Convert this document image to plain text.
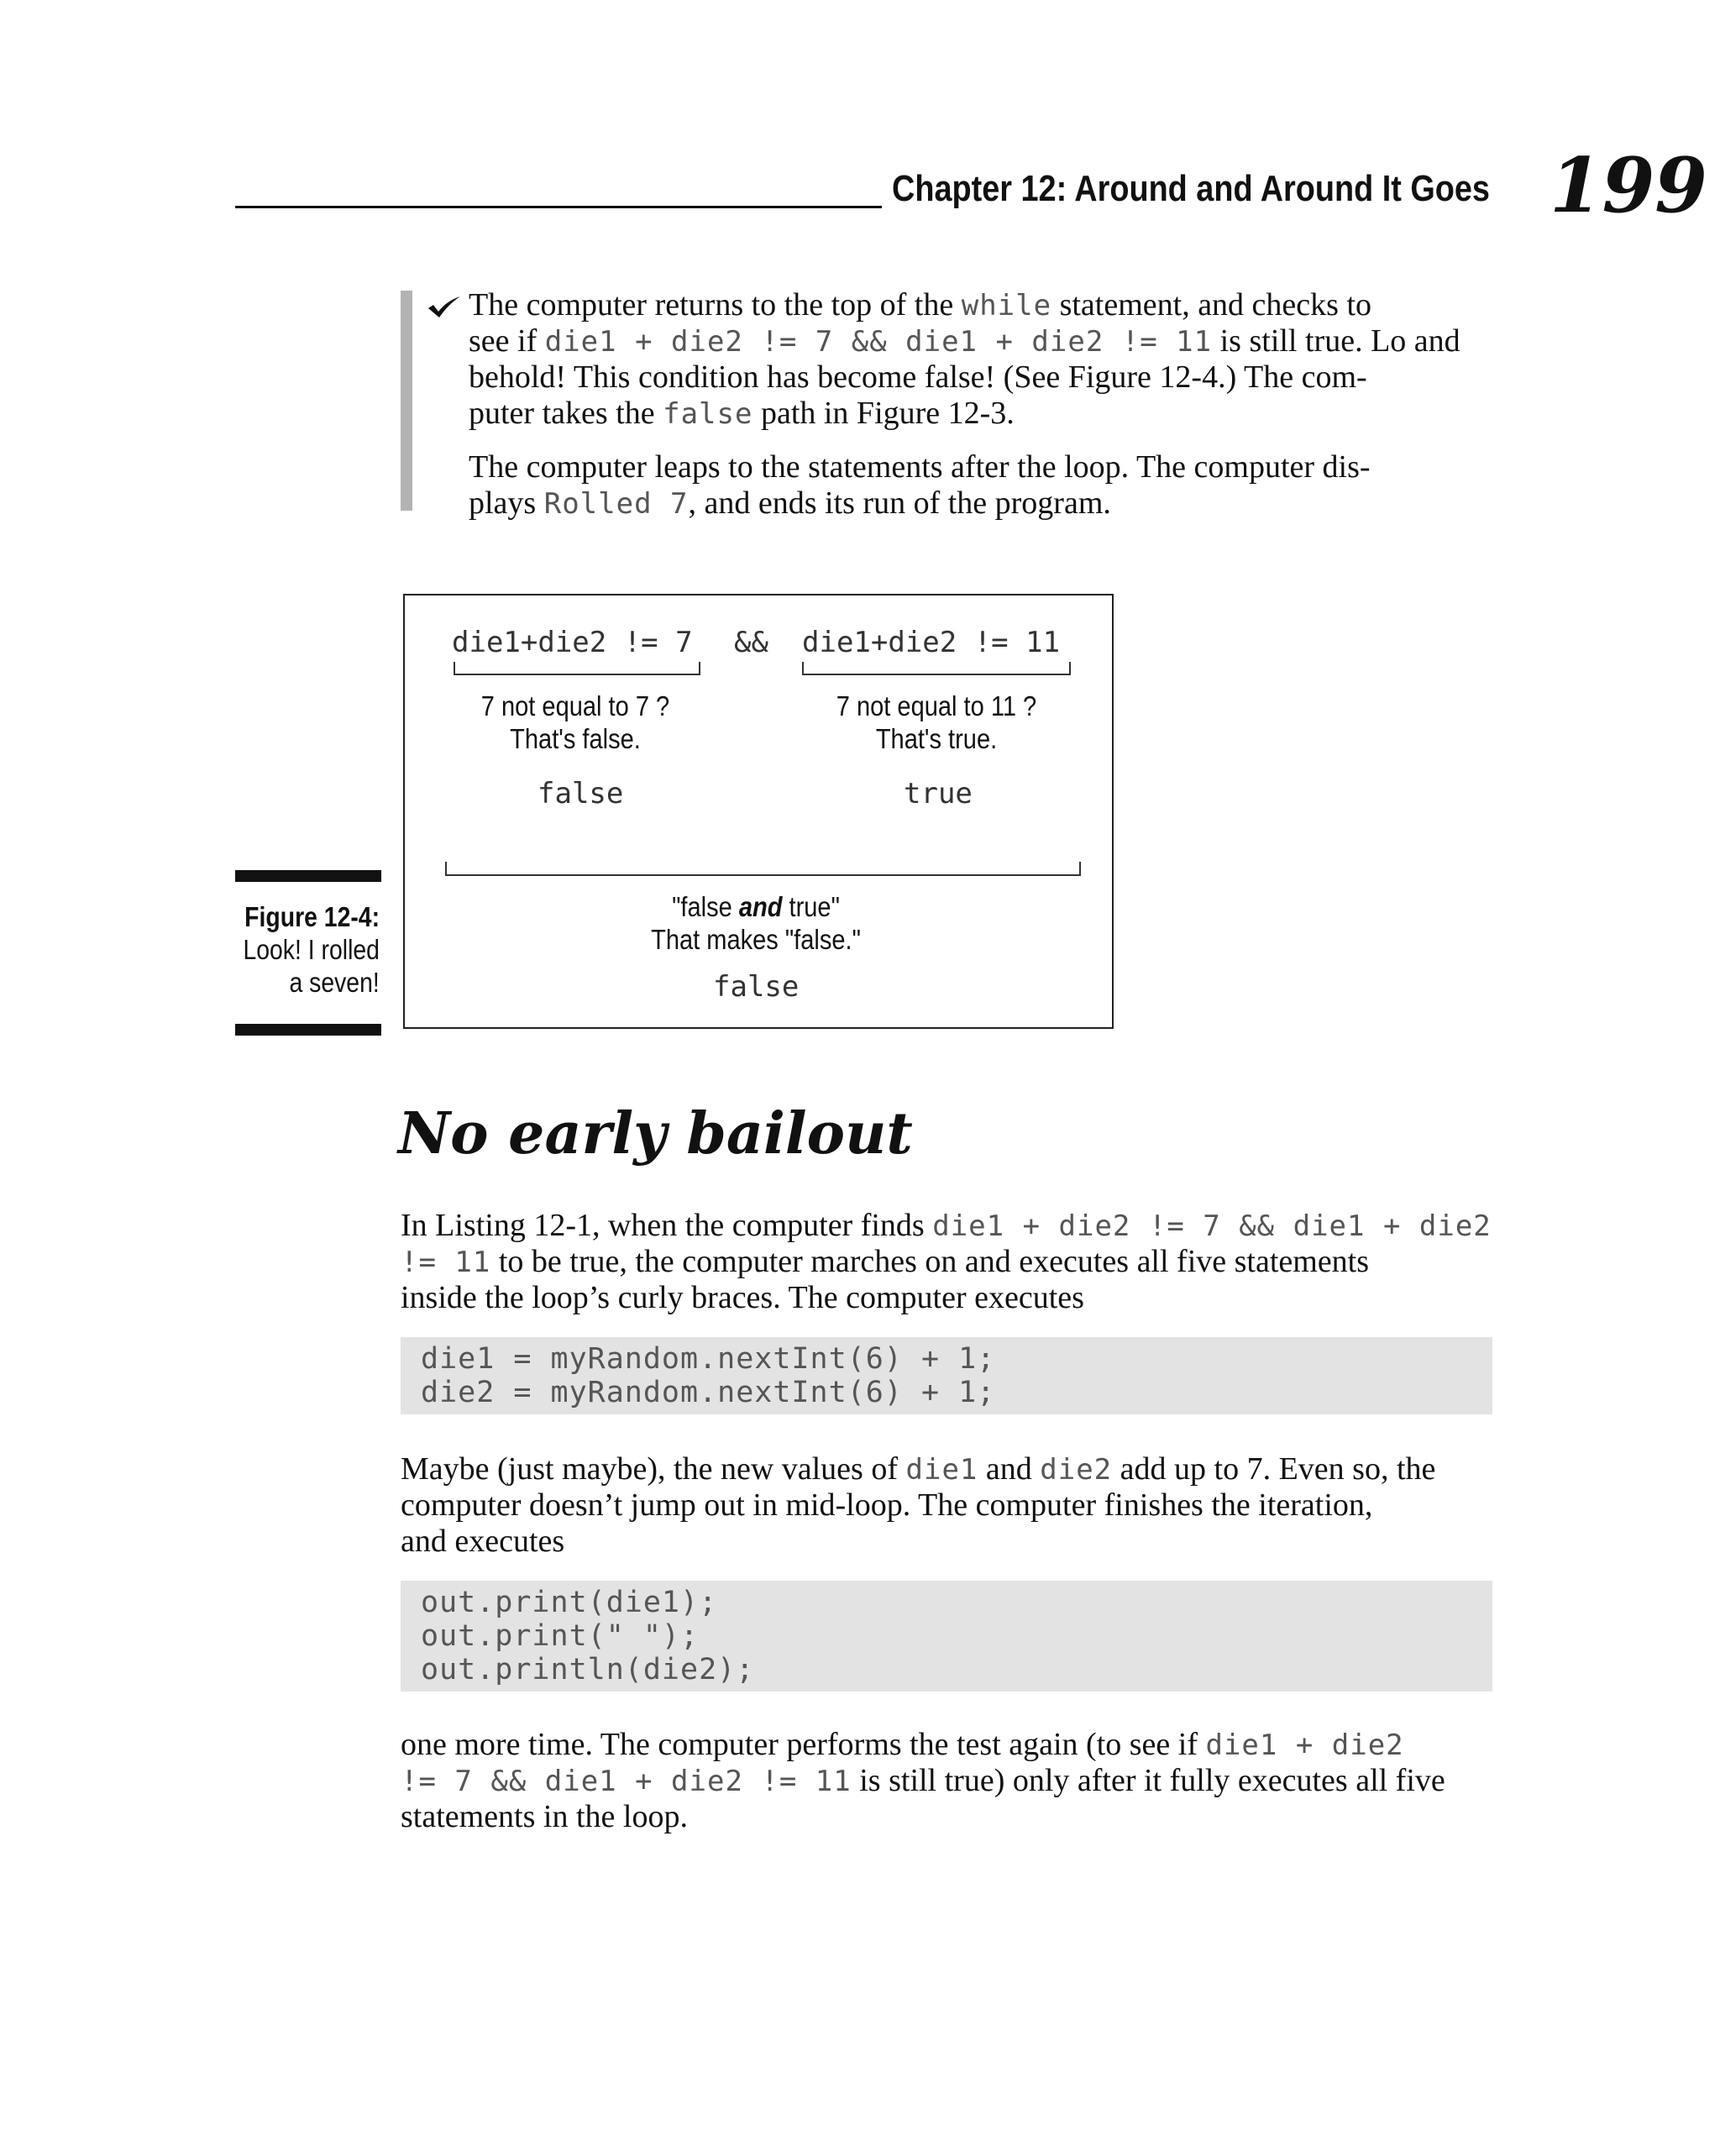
Chapter 12: Around and Around It Goes 199
The computer returns to the top of the while statement, and checks to
see if die1 + die2 != 7 && die1 + die2 != 11 is still true. Lo and
behold! This condition has become false! (See Figure 12-4.) The com-
puter takes the false path in Figure 12-3.
The computer leaps to the statements after the loop. The computer dis-
plays Rolled 7, and ends its run of the program.
die1+die2 != 7 && die1+die2 != 11
7 not equal to 7 ?
That's false.
false
7 not equal to 11 ?
That's true.
true
"false and true"
That makes "false."
false
Figure 12-4:
Look! I rolled
a seven!
No early bailout
In Listing 12-1, when the computer finds die1 + die2 != 7 && die1 + die2
!= 11 to be true, the computer marches on and executes all five statements
inside the loop’s curly braces. The computer executes
die1 = myRandom.nextInt(6) + 1;
die2 = myRandom.nextInt(6) + 1;
Maybe (just maybe), the new values of die1 and die2 add up to 7. Even so, the
computer doesn’t jump out in mid-loop. The computer finishes the iteration,
and executes
out.print(die1);
out.print(" ");
out.println(die2);
one more time. The computer performs the test again (to see if die1 + die2
!= 7 && die1 + die2 != 11 is still true) only after it fully executes all five
statements in the loop.
